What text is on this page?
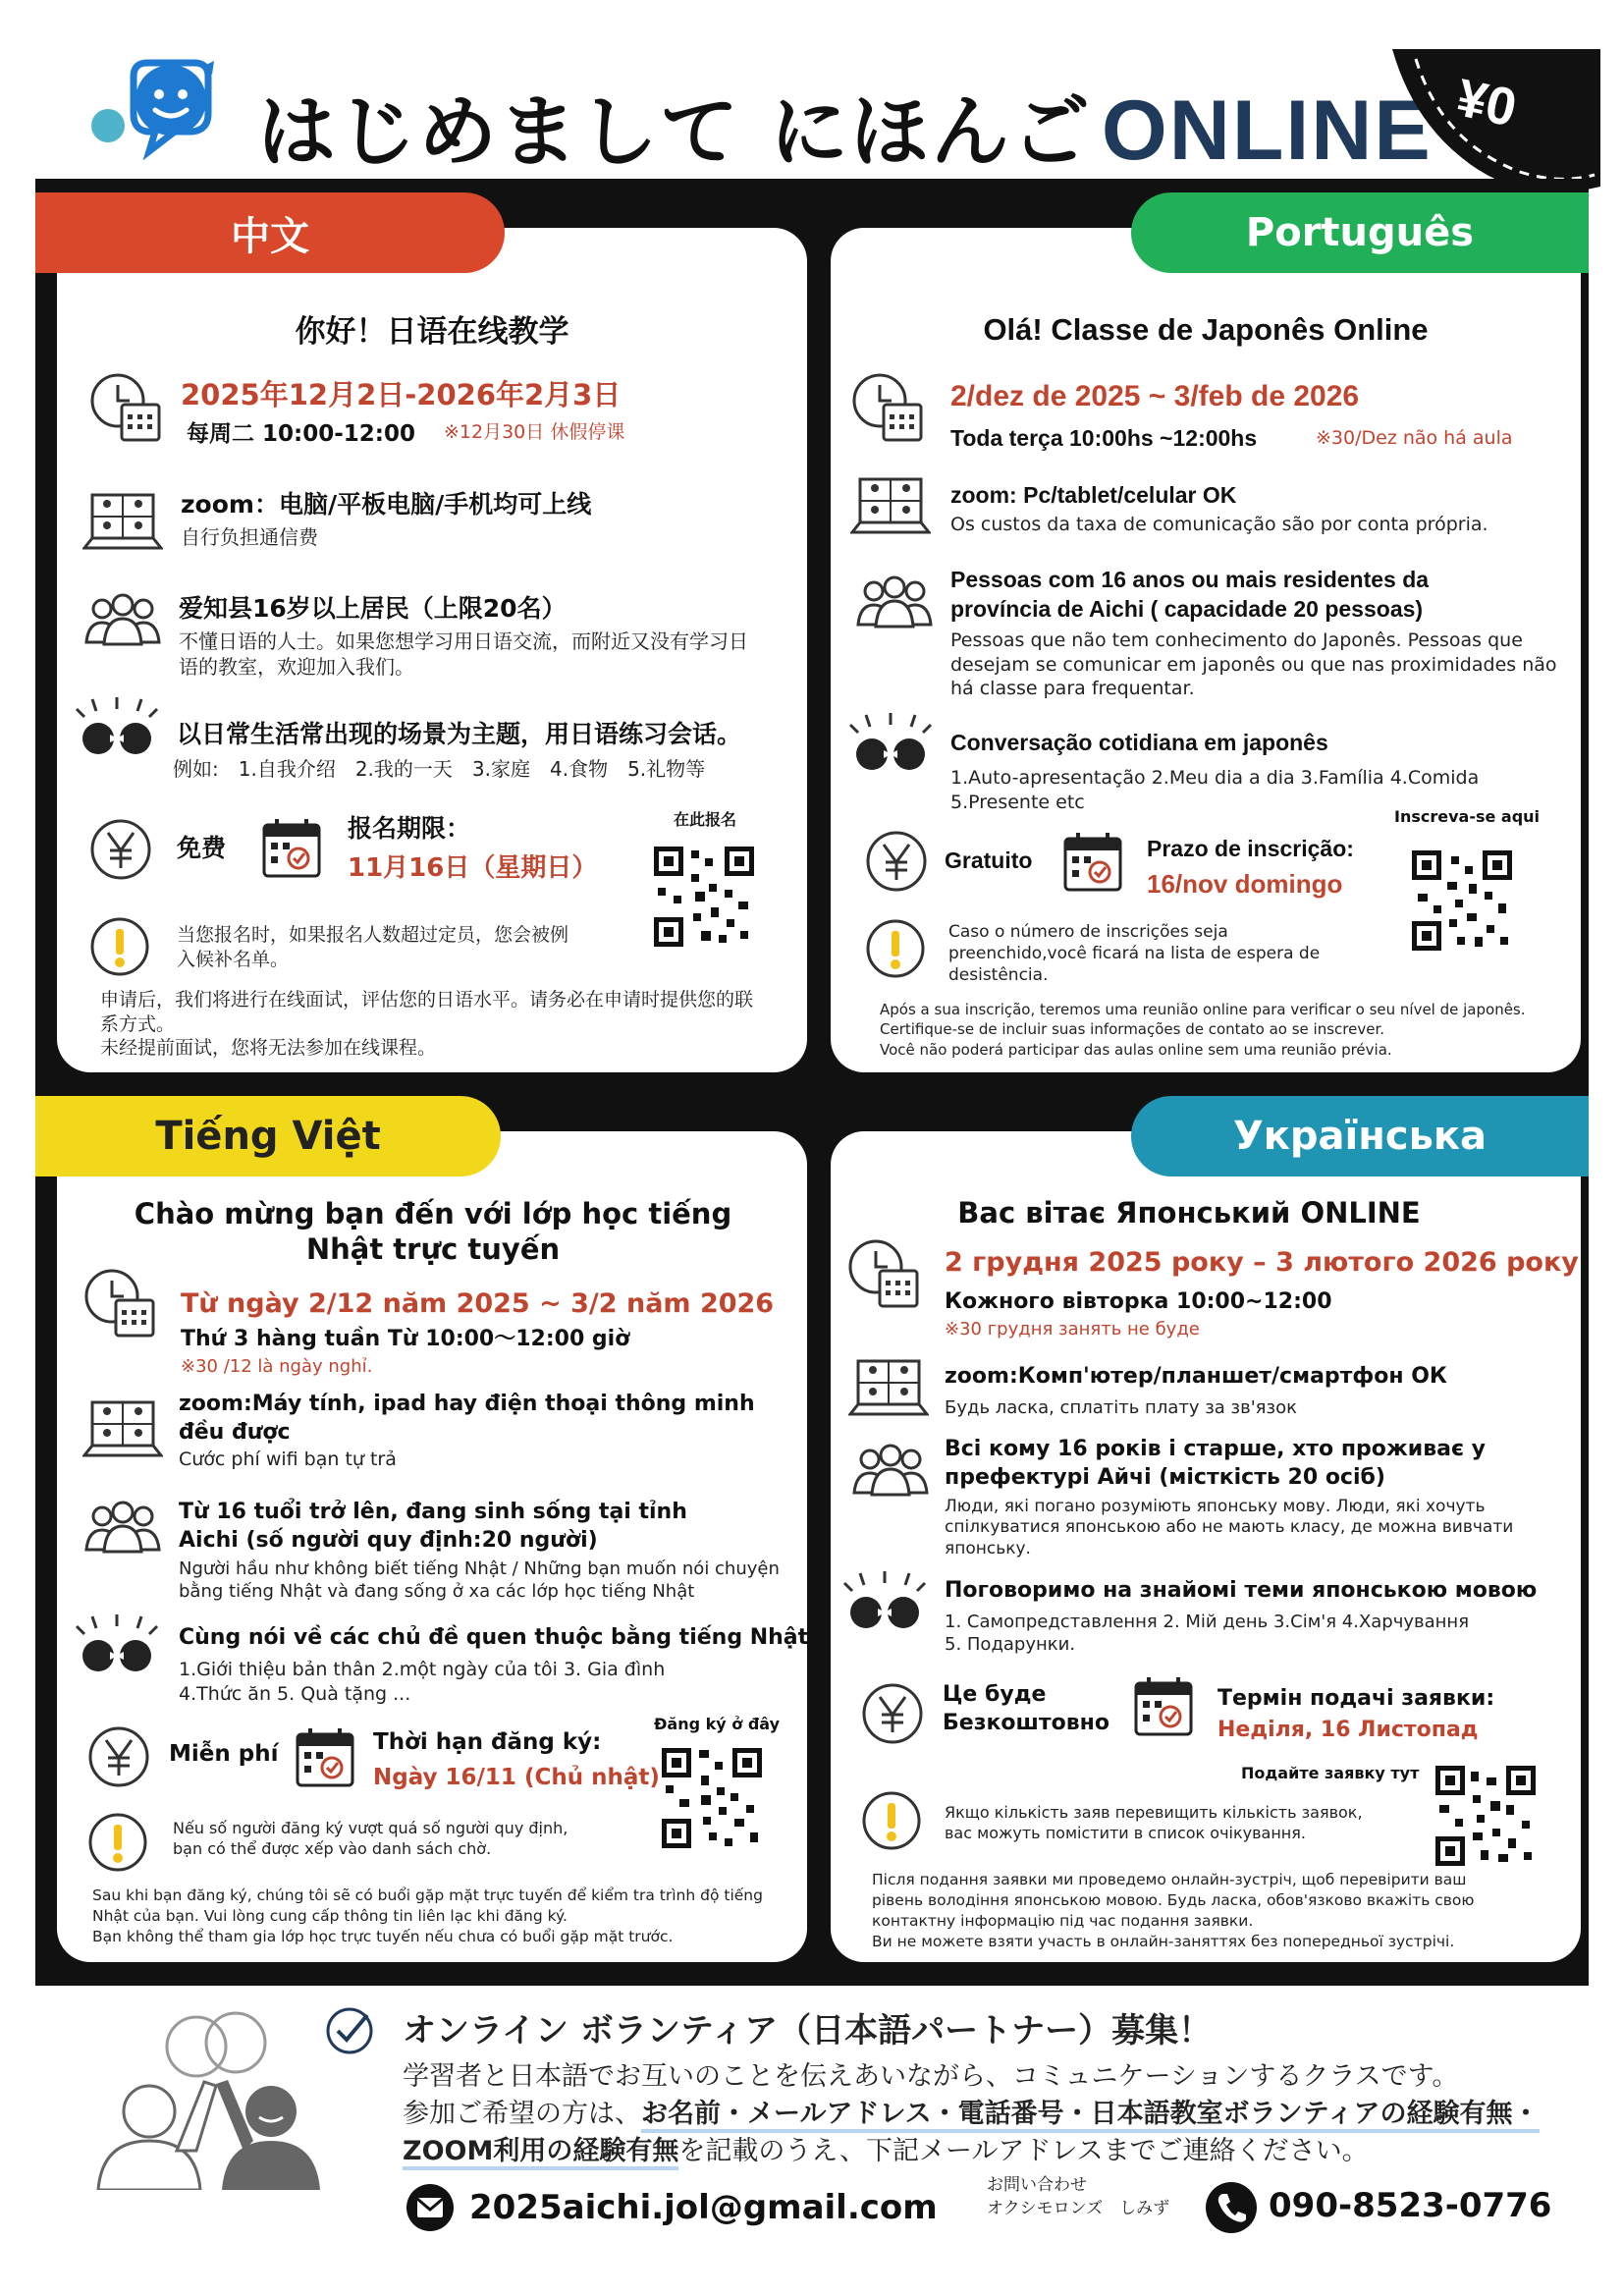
はじめまして にほんご ONLINE ¥0
中文
你好！日语在线教学
2025年12月2日-2026年2月3日
每周二 10:00-12:00 ※12月30日 休假停课
zoom：电脑/平板电脑/手机均可上线
自行负担通信费
爱知县16岁以上居民（上限20名）
不懂日语的人士。如果您想学习用日语交流，而附近又没有学习日语的教室，欢迎加入我们。
以日常生活常出现的场景为主题，用日语练习会话。
例如:　1.自我介绍　2.我的一天　3.家庭　4.食物　5.礼物等
免费
报名期限：
11月16日（星期日）
在此报名
当您报名时，如果报名人数超过定员，您会被例入候补名单。
申请后，我们将进行在线面试，评估您的日语水平。请务必在申请时提供您的联系方式。
未经提前面试，您将无法参加在线课程。
Português
Olá! Classe de Japonês Online
2/dez de 2025 ~ 3/feb de 2026
Toda terça 10:00hs ~12:00hs	※30/Dez não há aula
zoom: Pc/tablet/celular OK
Os custos da taxa de comunicação são por conta própria.
Pessoas com 16 anos ou mais residentes da província de Aichi ( capacidade 20 pessoas)
Pessoas que não tem conhecimento do Japonês. Pessoas que desejam se comunicar em japonês ou que nas proximidades não há classe para frequentar.
Conversação cotidiana em japonês
1.Auto-apresentação 2.Meu dia a dia 3.Família 4.Comida
5.Presente etc
Gratuito	Prazo de inscrição:
16/nov domingo
Inscreva-se aqui
Caso o número de inscrições seja preenchido,você ficará na lista de espera de desistência.
Após a sua inscrição, teremos uma reunião online para verificar o seu nível de japonês.
Certifique-se de incluir suas informações de contato ao se inscrever.
Você não poderá participar das aulas online sem uma reunião prévia.
Tiếng Việt
Chào mừng bạn đến với lớp học tiếng Nhật trực tuyến
Từ ngày 2/12 năm 2025 ~ 3/2 năm 2026
Thứ 3 hàng tuần Từ 10:00〜12:00 giờ
※30 /12 là ngày nghỉ.
zoom:Máy tính, ipad hay điện thoại thông minh đều được
Cước phí wifi bạn tự trả
Từ 16 tuổi trở lên, đang sinh sống tại tỉnh Aichi (số người quy định:20 người)
Người hầu như không biết tiếng Nhật / Những bạn muốn nói chuyện bằng tiếng Nhật và đang sống ở xa các lớp học tiếng Nhật
Cùng nói về các chủ đề quen thuộc bằng tiếng Nhật
1.Giới thiệu bản thân 2.một ngày của tôi 3. Gia đình
4.Thức ăn 5. Quà tặng ...
Miễn phí	Thời hạn đăng ký:
Ngày 16/11 (Chủ nhật)
Đăng ký ở đây
Nếu số người đăng ký vượt quá số người quy định, bạn có thể được xếp vào danh sách chờ.
Sau khi bạn đăng ký, chúng tôi sẽ có buổi gặp mặt trực tuyến để kiểm tra trình độ tiếng Nhật của bạn. Vui lòng cung cấp thông tin liên lạc khi đăng ký.
Bạn không thể tham gia lớp học trực tuyến nếu chưa có buổi gặp mặt trước.
Українська
Вас вітає Японський ONLINE
2 грудня 2025 року – 3 лютого 2026 року
Кожного вівторка 10:00~12:00
※30 грудня занять не буде
zoom:Комп'ютер/планшет/смартфон ОК
Будь ласка, сплатіть плату за зв'язок
Всі кому 16 років і старше, хто проживає у префектурі Айчі (місткість 20 осіб)
Люди, які погано розуміють японську мову. Люди, які хочуть спілкуватися японською або не мають класу, де можна вивчати японську.
Поговоримо на знайомі теми японською мовою
1. Самопредставлення 2. Мій день 3.Сім'я 4.Харчування
5. Подарунки.
Це буде Безкоштовно
Термін подачі заявки:
Неділя, 16 Листопад
Подайте заявку тут
Якщо кількість заяв перевищить кількість заявок, вас можуть помістити в список очікування.
Після подання заявки ми проведемо онлайн-зустріч, щоб перевірити ваш рівень володіння японською мовою. Будь ласка, обов'язково вкажіть свою контактну інформацію під час подання заявки.
Ви не можете взяти участь в онлайн-заняттях без попередньої зустрічі.
オンライン ボランティア（日本語パートナー）募集！
学習者と日本語でお互いのことを伝えあいながら、コミュニケーションするクラスです。
参加ご希望の方は、お名前・メールアドレス・電話番号・日本語教室ボランティアの経験有無・
ZOOM利用の経験有無を記載のうえ、下記メールアドレスまでご連絡ください。
2025aichi.jol@gmail.com
お問い合わせ
オクシモロンズ　しみず	090-8523-0776
